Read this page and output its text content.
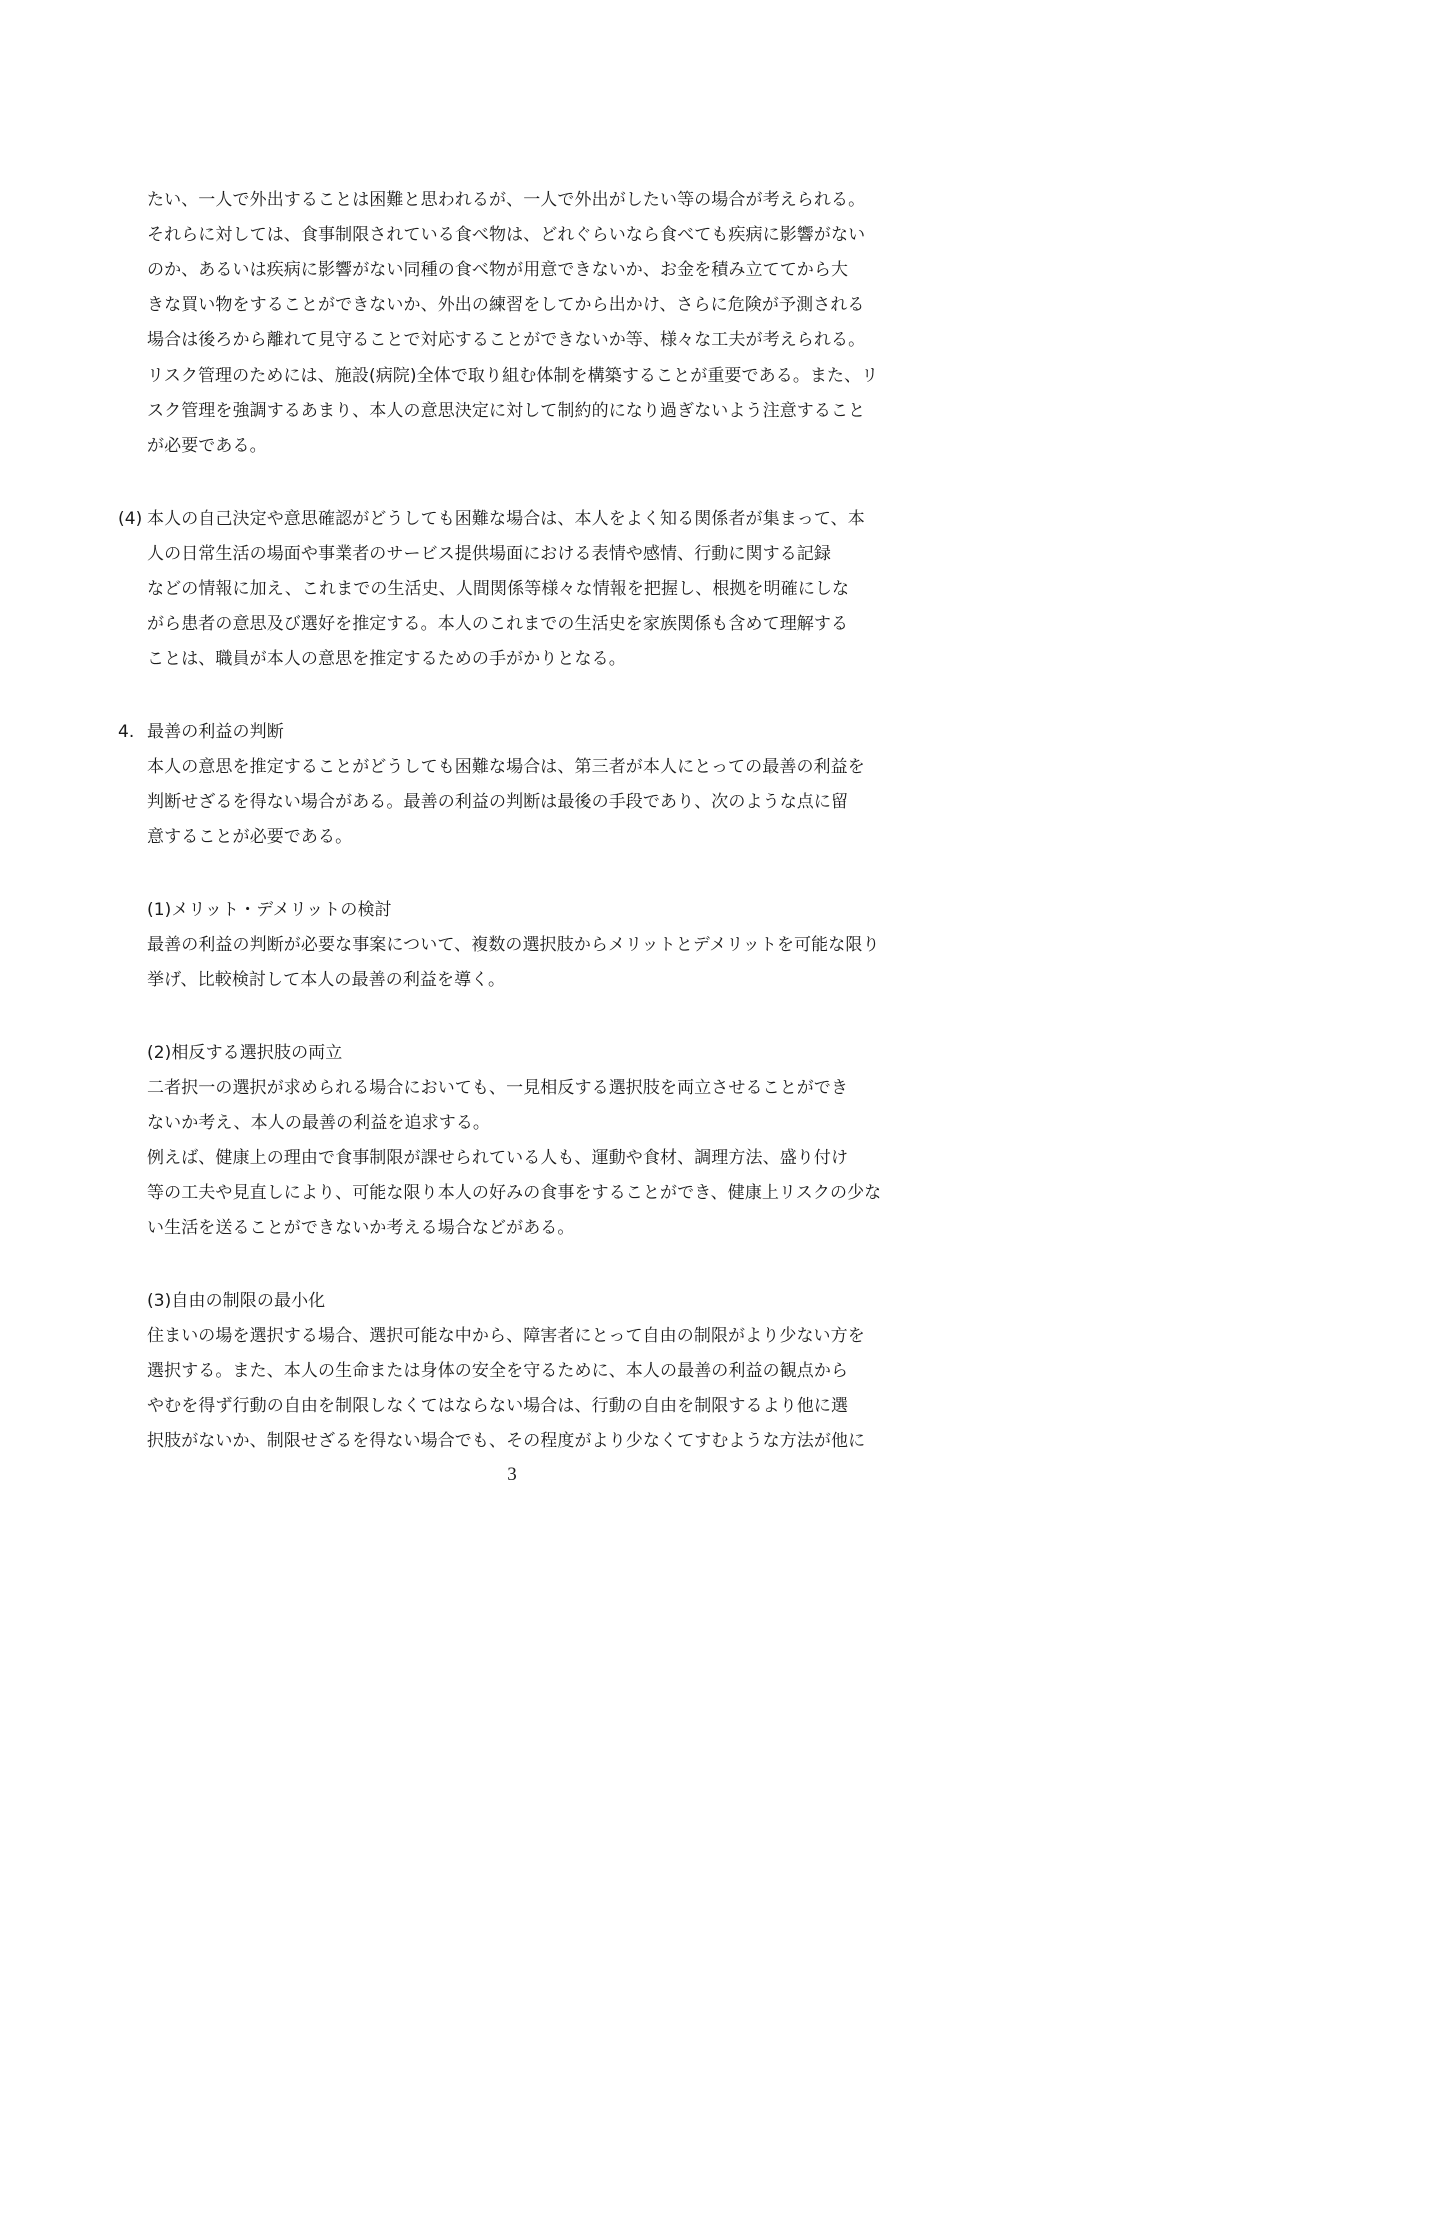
たい、一人で外出することは困難と思われるが、一人で外出がしたい等の場合が考えられる。
それらに対しては、食事制限されている食べ物は、どれぐらいなら食べても疾病に影響がない
のか、あるいは疾病に影響がない同種の食べ物が用意できないか、お金を積み立ててから大
きな買い物をすることができないか、外出の練習をしてから出かけ、さらに危険が予測される
場合は後ろから離れて見守ることで対応することができないか等、様々な工夫が考えられる。
リスク管理のためには、施設(病院)全体で取り組む体制を構築することが重要である。また、リ
スク管理を強調するあまり、本人の意思決定に対して制約的になり過ぎないよう注意すること
が必要である。
(4) 本人の自己決定や意思確認がどうしても困難な場合は、本人をよく知る関係者が集まって、本
人の日常生活の場面や事業者のサービス提供場面における表情や感情、行動に関する記録
などの情報に加え、これまでの生活史、人間関係等様々な情報を把握し、根拠を明確にしな
がら患者の意思及び選好を推定する。本人のこれまでの生活史を家族関係も含めて理解する
ことは、職員が本人の意思を推定するための手がかりとなる。
4. 最善の利益の判断
本人の意思を推定することがどうしても困難な場合は、第三者が本人にとっての最善の利益を
判断せざるを得ない場合がある。最善の利益の判断は最後の手段であり、次のような点に留
意することが必要である。
(1)メリット・デメリットの検討
最善の利益の判断が必要な事案について、複数の選択肢からメリットとデメリットを可能な限り
挙げ、比較検討して本人の最善の利益を導く。
(2)相反する選択肢の両立
二者択一の選択が求められる場合においても、一見相反する選択肢を両立させることができ
ないか考え、本人の最善の利益を追求する。
例えば、健康上の理由で食事制限が課せられている人も、運動や食材、調理方法、盛り付け
等の工夫や見直しにより、可能な限り本人の好みの食事をすることができ、健康上リスクの少な
い生活を送ることができないか考える場合などがある。
(3)自由の制限の最小化
住まいの場を選択する場合、選択可能な中から、障害者にとって自由の制限がより少ない方を
選択する。また、本人の生命または身体の安全を守るために、本人の最善の利益の観点から
やむを得ず行動の自由を制限しなくてはならない場合は、行動の自由を制限するより他に選
択肢がないか、制限せざるを得ない場合でも、その程度がより少なくてすむような方法が他に
3
